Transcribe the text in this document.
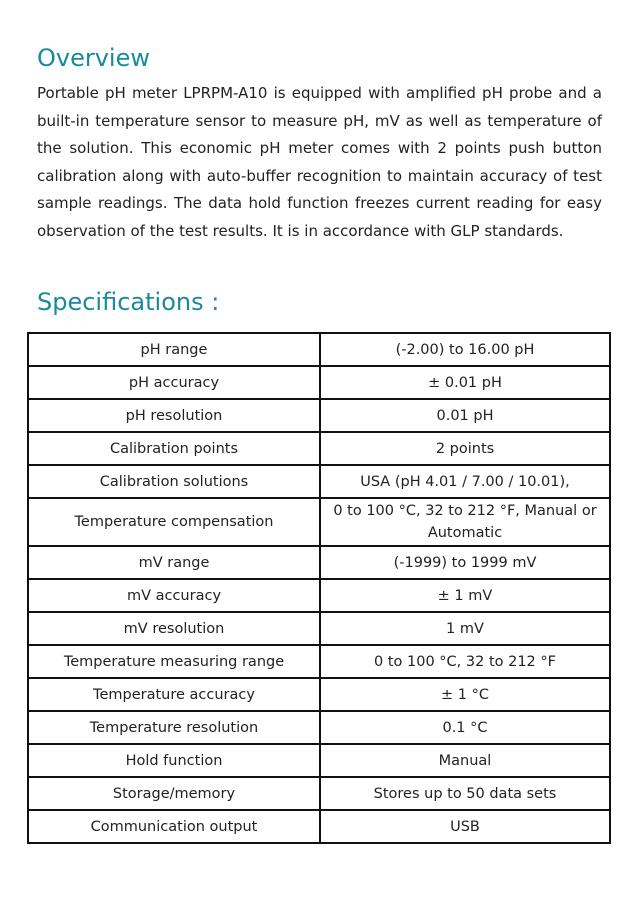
Overview

Portable pH meter LPRPM-A10 is equipped with amplified pH probe and a built-in temperature sensor to measure pH, mV as well as temperature of the solution. This economic pH meter comes with 2 points push button calibration along with auto-buffer recognition to maintain accuracy of test sample readings. The data hold function freezes current reading for easy observation of the test results. It is in accordance with GLP standards.

Specifications :
pH range	(-2.00) to 16.00 pH
pH accuracy	± 0.01 pH
pH resolution	0.01 pH
Calibration points	2 points
Calibration solutions	USA (pH 4.01 / 7.00 / 10.01),
Temperature compensation	0 to 100 °C, 32 to 212 °F, Manual or Automatic
mV range	(-1999) to 1999 mV
mV accuracy	± 1 mV
mV resolution	1 mV
Temperature measuring range	0 to 100 °C, 32 to 212 °F
Temperature accuracy	± 1 °C
Temperature resolution	0.1 °C
Hold function	Manual
Storage/memory	Stores up to 50 data sets
Communication output	USB
